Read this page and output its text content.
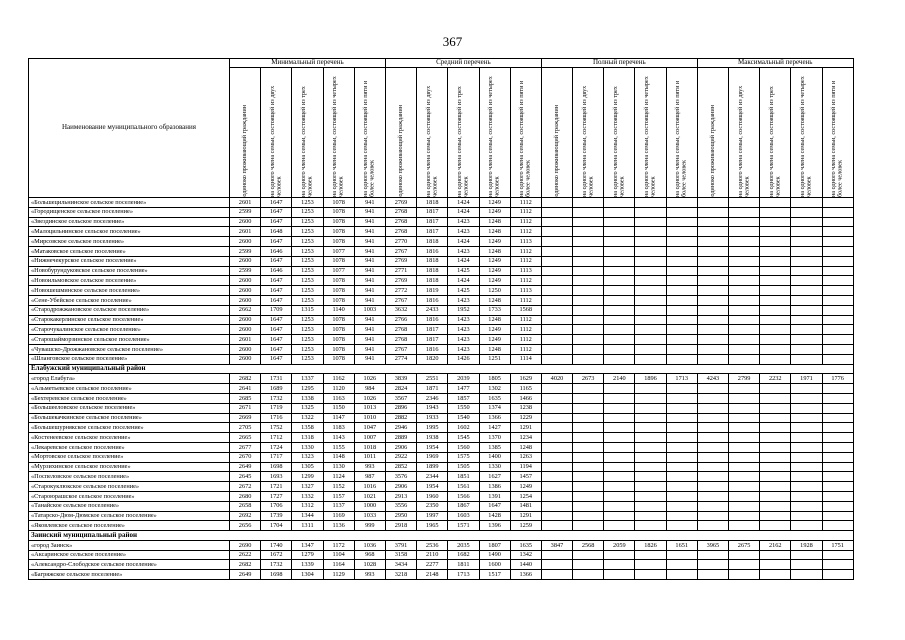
367
Наименование муниципального образования	Минимальный перечень					Средний перечень					Полный перечень					Максимальный перечень				

	одиноко проживающий гражданин	на одного члена семьи, состоящей из двух человек	на одного члена семьи, состоящей из трех человек	на одного члена семьи, состоящей из четырех человек	на одного члена семьи, состоящей из пяти и более человек	одиноко проживающий гражданин	на одного члена семьи, состоящей из двух человек	на одного члена семьи, состоящей из трех человек	на одного члена семьи, состоящей из четырех человек	на одного члена семьи, состоящей из пяти и более человек	одиноко проживающий гражданин	на одного члена семьи, состоящей из двух человек	на одного члена семьи, состоящей из трех человек	на одного члена семьи, состоящей из четырех человек	на одного члена семьи, состоящей из пяти и более человек	одиноко проживающий гражданин	на одного члена семьи, состоящей из двух человек	на одного члена семьи, состоящей из трех человек	на одного члена семьи, состоящей из четырех человек	на одного члена семьи, состоящей из пяти и более человек

«Большецильнинское сельское поселение»	2601	1647	1253	1078	941	2769	1818	1424	1249	1112										
«Городищенское сельское поселение»	2599	1647	1253	1078	941	2768	1817	1424	1249	1112										
«Звездинское сельское поселение»	2600	1647	1253	1078	941	2768	1817	1423	1248	1112										
«Малоцильнинское сельское поселение»	2601	1648	1253	1078	941	2768	1817	1423	1248	1112										
«Мирсовское сельское поселение»	2600	1647	1253	1078	941	2770	1818	1424	1249	1113										
«Матаковское сельское поселение»	2599	1646	1253	1077	941	2767	1816	1423	1248	1112										
«Нижнечекурское сельское поселение»	2600	1647	1253	1078	941	2769	1818	1424	1249	1112										
«Новобурундуковское сельское поселение»	2599	1646	1253	1077	941	2771	1818	1425	1249	1113										
«Новоильмовское сельское поселение»	2600	1647	1253	1078	941	2769	1818	1424	1249	1112										
«Новошешминское сельское поселение»	2600	1647	1253	1078	941	2772	1819	1425	1250	1113										
«Сене-Убейское сельское поселение»	2600	1647	1253	1078	941	2767	1816	1423	1248	1112										
«Стародрожжановское сельское поселение»	2662	1709	1315	1140	1003	3632	2433	1952	1733	1568										
«Старокакерлинское сельское поселение»	2600	1647	1253	1078	941	2766	1816	1423	1248	1112										
«Старочукалинское сельское поселение»	2600	1647	1253	1078	941	2768	1817	1423	1249	1112										
«Старошайморзинское сельское поселение»	2601	1647	1253	1078	941	2768	1817	1423	1249	1112										
«Чувашско-Дрожжановское сельское поселение»	2600	1647	1253	1078	941	2767	1816	1423	1248	1112										
«Шланговское сельское поселение»	2600	1647	1253	1078	941	2774	1820	1426	1251	1114										
Елабужский муниципальный район																				
«город Елабуга»	2682	1731	1337	1162	1026	3839	2551	2039	1805	1629	4020	2673	2140	1896	1713	4243	2799	2232	1971	1776
«Альметьевское сельское поселение»	2641	1689	1295	1120	984	2824	1871	1477	1302	1165										
«Бехтеревское сельское поселение»	2685	1732	1338	1163	1026	3567	2346	1857	1635	1466										
«Большееловское сельское поселение»	2671	1719	1325	1150	1013	2896	1943	1550	1374	1238										
«Большекачкинское сельское поселение»	2669	1716	1322	1147	1010	2882	1933	1540	1366	1229										
«Большешурнякское сельское поселение»	2705	1752	1358	1183	1047	2946	1995	1602	1427	1291										
«Костенеевское сельское поселение»	2665	1712	1318	1143	1007	2889	1938	1545	1370	1234										
«Лекаревское сельское поселение»	2677	1724	1330	1155	1018	2906	1954	1560	1385	1248										
«Мортовское сельское поселение»	2670	1717	1323	1148	1011	2922	1969	1575	1400	1263										
«Мурзихинское сельское поселение»	2649	1698	1305	1130	993	2852	1899	1505	1330	1194										
«Поспеловское сельское поселение»	2645	1693	1299	1124	987	3576	2344	1851	1627	1457										
«Старокуклюкское сельское поселение»	2672	1721	1327	1152	1016	2906	1954	1561	1386	1249										
«Староюрашское сельское поселение»	2680	1727	1332	1157	1021	2913	1960	1566	1391	1254										
«Танайское сельское поселение»	2658	1706	1312	1137	1000	3556	2350	1867	1647	1481										
«Татарско-Дюм-Дюмское сельское поселение»	2692	1739	1344	1169	1033	2950	1997	1603	1428	1291										
«Яковлевское сельское поселение»	2656	1704	1311	1136	999	2918	1965	1571	1396	1259										
Заинский муниципальный район																				
«город Заинск»	2690	1740	1347	1172	1036	3791	2536	2035	1807	1635	3847	2568	2059	1826	1651	3965	2675	2162	1928	1751
«Аксаринское сельское поселение»	2622	1672	1279	1104	968	3158	2110	1682	1490	1342										
«Александро-Слободское сельское поселение»	2682	1732	1339	1164	1028	3434	2277	1811	1600	1440										
«Багряжское сельское поселение»	2649	1698	1304	1129	993	3218	2148	1713	1517	1366										
